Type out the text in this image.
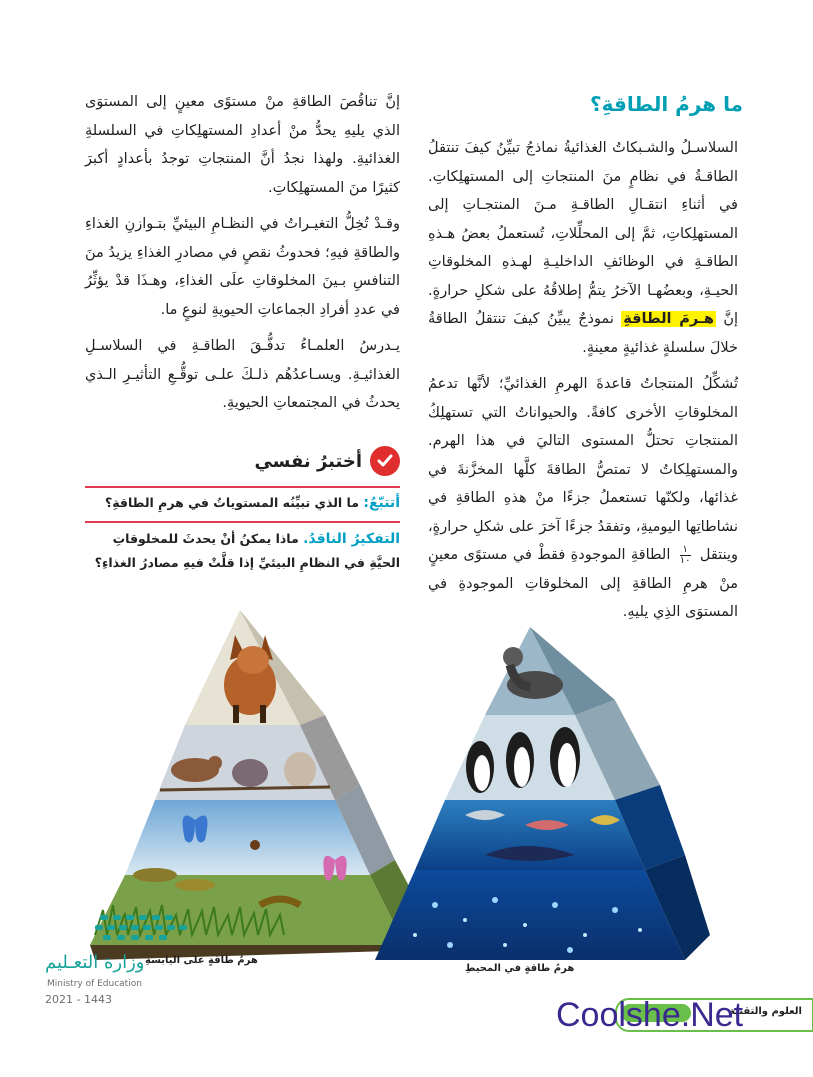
ما هرمُ الطاقةِ؟

السلاسـلُ والشـبكاتُ الغذائيةُ نماذجُ تبيِّنُ كيفَ تنتقلُ الطاقـةُ في نظامٍ منَ المنتجاتِ إلى المستهلِكاتِ. في أثناءِ انتقـالِ الطاقـةِ مـنَ المنتجـاتِ إلى المستهلِكاتِ، ثمَّ إلى المحلِّلاتِ، تُستعملُ بعضُ هـذهِ الطاقـةِ في الوظائفِ الداخليـةِ لهـذهِ المخلوقاتِ الحيـةِ، وبعضُهـا الآخرُ يتمُّ إطلاقُهُ على شكلِ حرارةٍ. إنَّ هـرمَ الطاقةِ نموذجٌ يبيِّنُ كيفَ تنتقلُ الطاقةُ خلالَ سلسلةٍ غذائيةٍ معينةٍ.

تُشكِّلُ المنتجاتُ قاعدةَ الهرمِ الغذائيِّ؛ لأنَّها تدعمُ المخلوقاتِ الأخرى كافةً. والحيواناتُ التي تستهلِكُ المنتجاتِ تحتلُّ المستوى التاليَ في هذا الهرم. والمستهلِكاتُ لا تمتصُّ الطاقةَ كلَّها المخزَّنةَ في غذائها، ولكنّها تستعملُ جزءًا منْ هذهِ الطاقةِ في نشاطاتِها اليوميةِ، وتفقدُ جزءًا آخرَ على شكلِ حرارةٍ، وينتقل
$\frac{١}{١٠}$
الطاقةِ الموجودةِ فقطْ في مستوًى معينٍ منْ هرمِ الطاقةِ إلى المخلوقاتِ الموجودةِ في المستوَى الذِي يليهِ.

إنَّ تناقُصَ الطاقةِ منْ مستوًى معينٍ إلى المستوَى الذي يليهِ يحدُّ منْ أعدادِ المستهلِكاتِ في السلسلةِ الغذائيةِ. ولهذا نجدُ أنَّ المنتجاتِ توجدُ بأعدادٍ أكبرَ كثيرًا منَ المستهلِكاتِ.

وقـدْ تُخِلُّ التغيـراتُ في النظـامِ البيئيِّ بتـوازنِ الغذاءِ والطاقةِ فيهِ؛ فحدوثُ نقصٍ في مصادرِ الغذاءِ يزيدُ منَ التنافسِ بـينَ المخلوقاتِ علَى الغذاءِ، وهـذَا قدْ يؤثِّرُ في عددِ أفرادِ الجماعاتِ الحيويةِ لنوعٍ ما.

يـدرسُ العلمـاءُ تدفُّـقَ الطاقـةِ في السلاسـلِ الغذائيـةِ. ويسـاعدُهُم ذلـكَ علـى توقُّـعِ التأثيـرِ الـذي يحدثُ في المجتمعاتِ الحيويةِ.

أختبرُ نفسي
أتتبّعُ: ما الذي تبيِّنُه المستوياتُ في هرمِ الطاقةِ؟
التفكيرُ الناقدُ. ماذا يمكنُ أنْ يحدثَ للمخلوقاتِ الحيَّةِ في النظامِ البيئيِّ إذا قلَّتْ فيهِ مصادرُ الغذاءِ؟
هرمُ طاقةٍ على اليابسةِ
هرمُ طاقةٍ في المحيطِ
وزارة التعـليم
Ministry of Education
2021 - 1443
العلوم والتقنية
Coolshe.Net
